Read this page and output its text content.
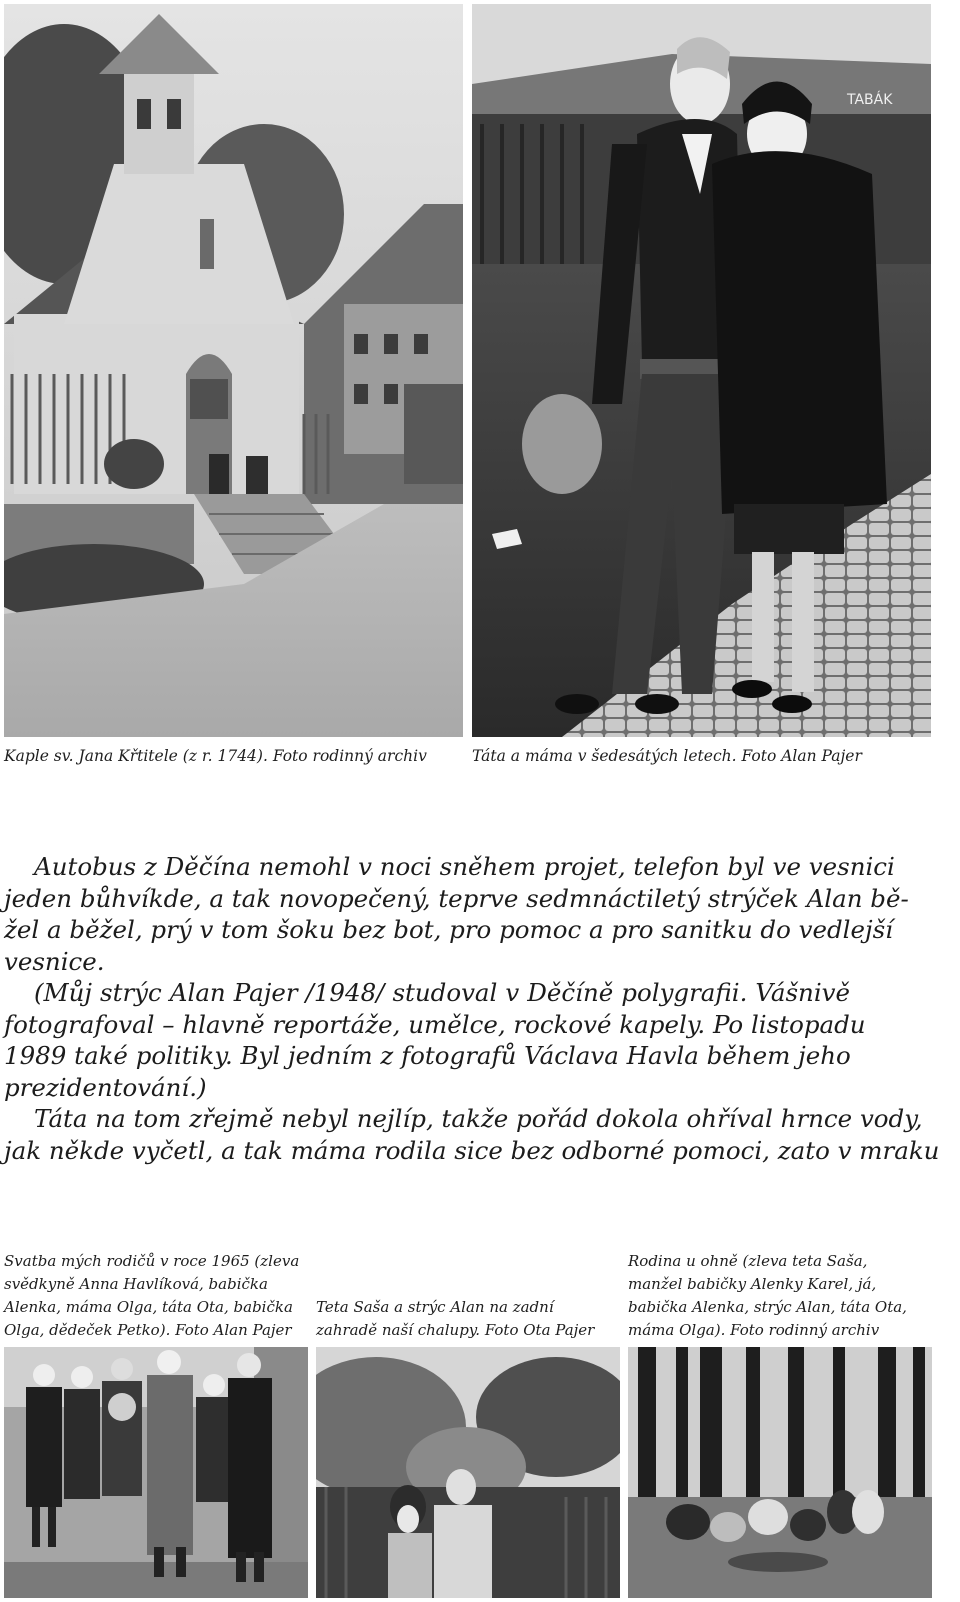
Kaple sv. Jana Křtitele (z r. 1744). Foto rodinný archiv

TABÁK

Táta a máma v šedesátých letech. Foto Alan Pajer

Autobus z Děčína nemohl v noci sněhem projet, telefon byl ve vesnici
jeden bůhvíkde, a tak novopečený, teprve sedmnáctiletý strýček Alan bě-
žel a běžel, prý v tom šoku bez bot, pro pomoc a pro sanitku do vedlejší
vesnice.

(Můj strýc Alan Pajer /1948/ studoval v Děčíně polygrafii. Vášnivě
fotografoval – hlavně reportáže, umělce, rockové kapely. Po listopadu
1989 také politiky. Byl jedním z fotografů Václava Havla během jeho
prezidentování.)

Táta na tom zřejmě nebyl nejlíp, takže pořád dokola ohříval hrnce vody,
jak někde vyčetl, a tak máma rodila sice bez odborné pomoci, zato v mraku

Svatba mých rodičů v roce 1965 (zleva
svědkyně Anna Havlíková, babička
Alenka, máma Olga, táta Ota, babička
Olga, dědeček Petko). Foto Alan Pajer
Teta Saša a strýc Alan na zadní
zahradě naší chalupy. Foto Ota Pajer
Rodina u ohně (zleva teta Saša,
manžel babičky Alenky Karel, já,
babička Alenka, strýc Alan, táta Ota,
máma Olga). Foto rodinný archiv
